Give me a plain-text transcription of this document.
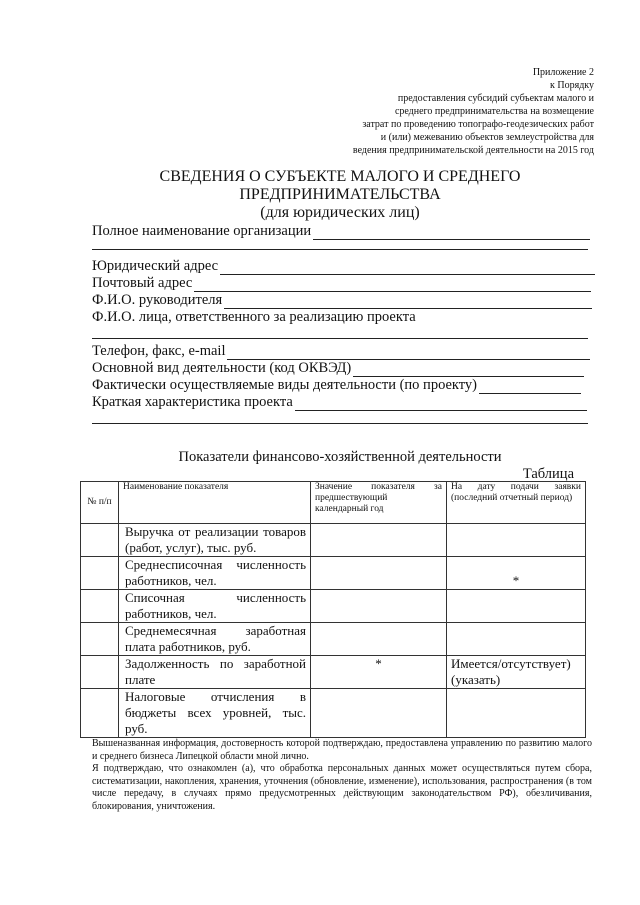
Приложение 2
к Порядку
предоставления субсидий субъектам малого и
среднего предпринимательства на возмещение
затрат по проведению топографо-геодезических работ
и (или) межеванию объектов землеустройства для
ведения предпринимательской деятельности на 2015 год
СВЕДЕНИЯ О СУБЪЕКТЕ МАЛОГО И СРЕДНЕГО
ПРЕДПРИНИМАТЕЛЬСТВА
(для юридических лиц)
Полное наименование организации
Юридический адрес
Почтовый адрес
Ф.И.О. руководителя
Ф.И.О. лица, ответственного за реализацию проекта
Телефон, факс, e-mail
Основной вид деятельности (код ОКВЭД)
Фактически осуществляемые виды деятельности (по проекту)
Краткая характеристика проекта
Показатели финансово-хозяйственной деятельности
Таблица
№ п/п	Наименование показателя	Значение показателя за предшествующий календарный год	На дату подачи заявки (последний отчетный период)
	Выручка от реализации товаров
(работ, услуг), тыс. руб.		

	Среднесписочная численность
работников, чел.		*
	Списочная численность
работников, чел.		

	Среднемесячная заработная
плата работников, руб.		

	Задолженность по заработной
плате	*	Имеется/отсутствует) (указать)
	Налоговые отчисления в
бюджеты всех уровней, тыс.
руб.		

Вышеназванная информация, достоверность которой подтверждаю, предоставлена управлению по развитию малого и среднего бизнеса Липецкой области мной лично.

Я подтверждаю, что ознакомлен (а), что обработка персональных данных может осуществляться путем сбора, систематизации, накопления, хранения, уточнения (обновление, изменение), использования, распространения (в том числе передачу, в случаях прямо предусмотренных действующим законодательством РФ), обезличивания, блокирования, уничтожения.
